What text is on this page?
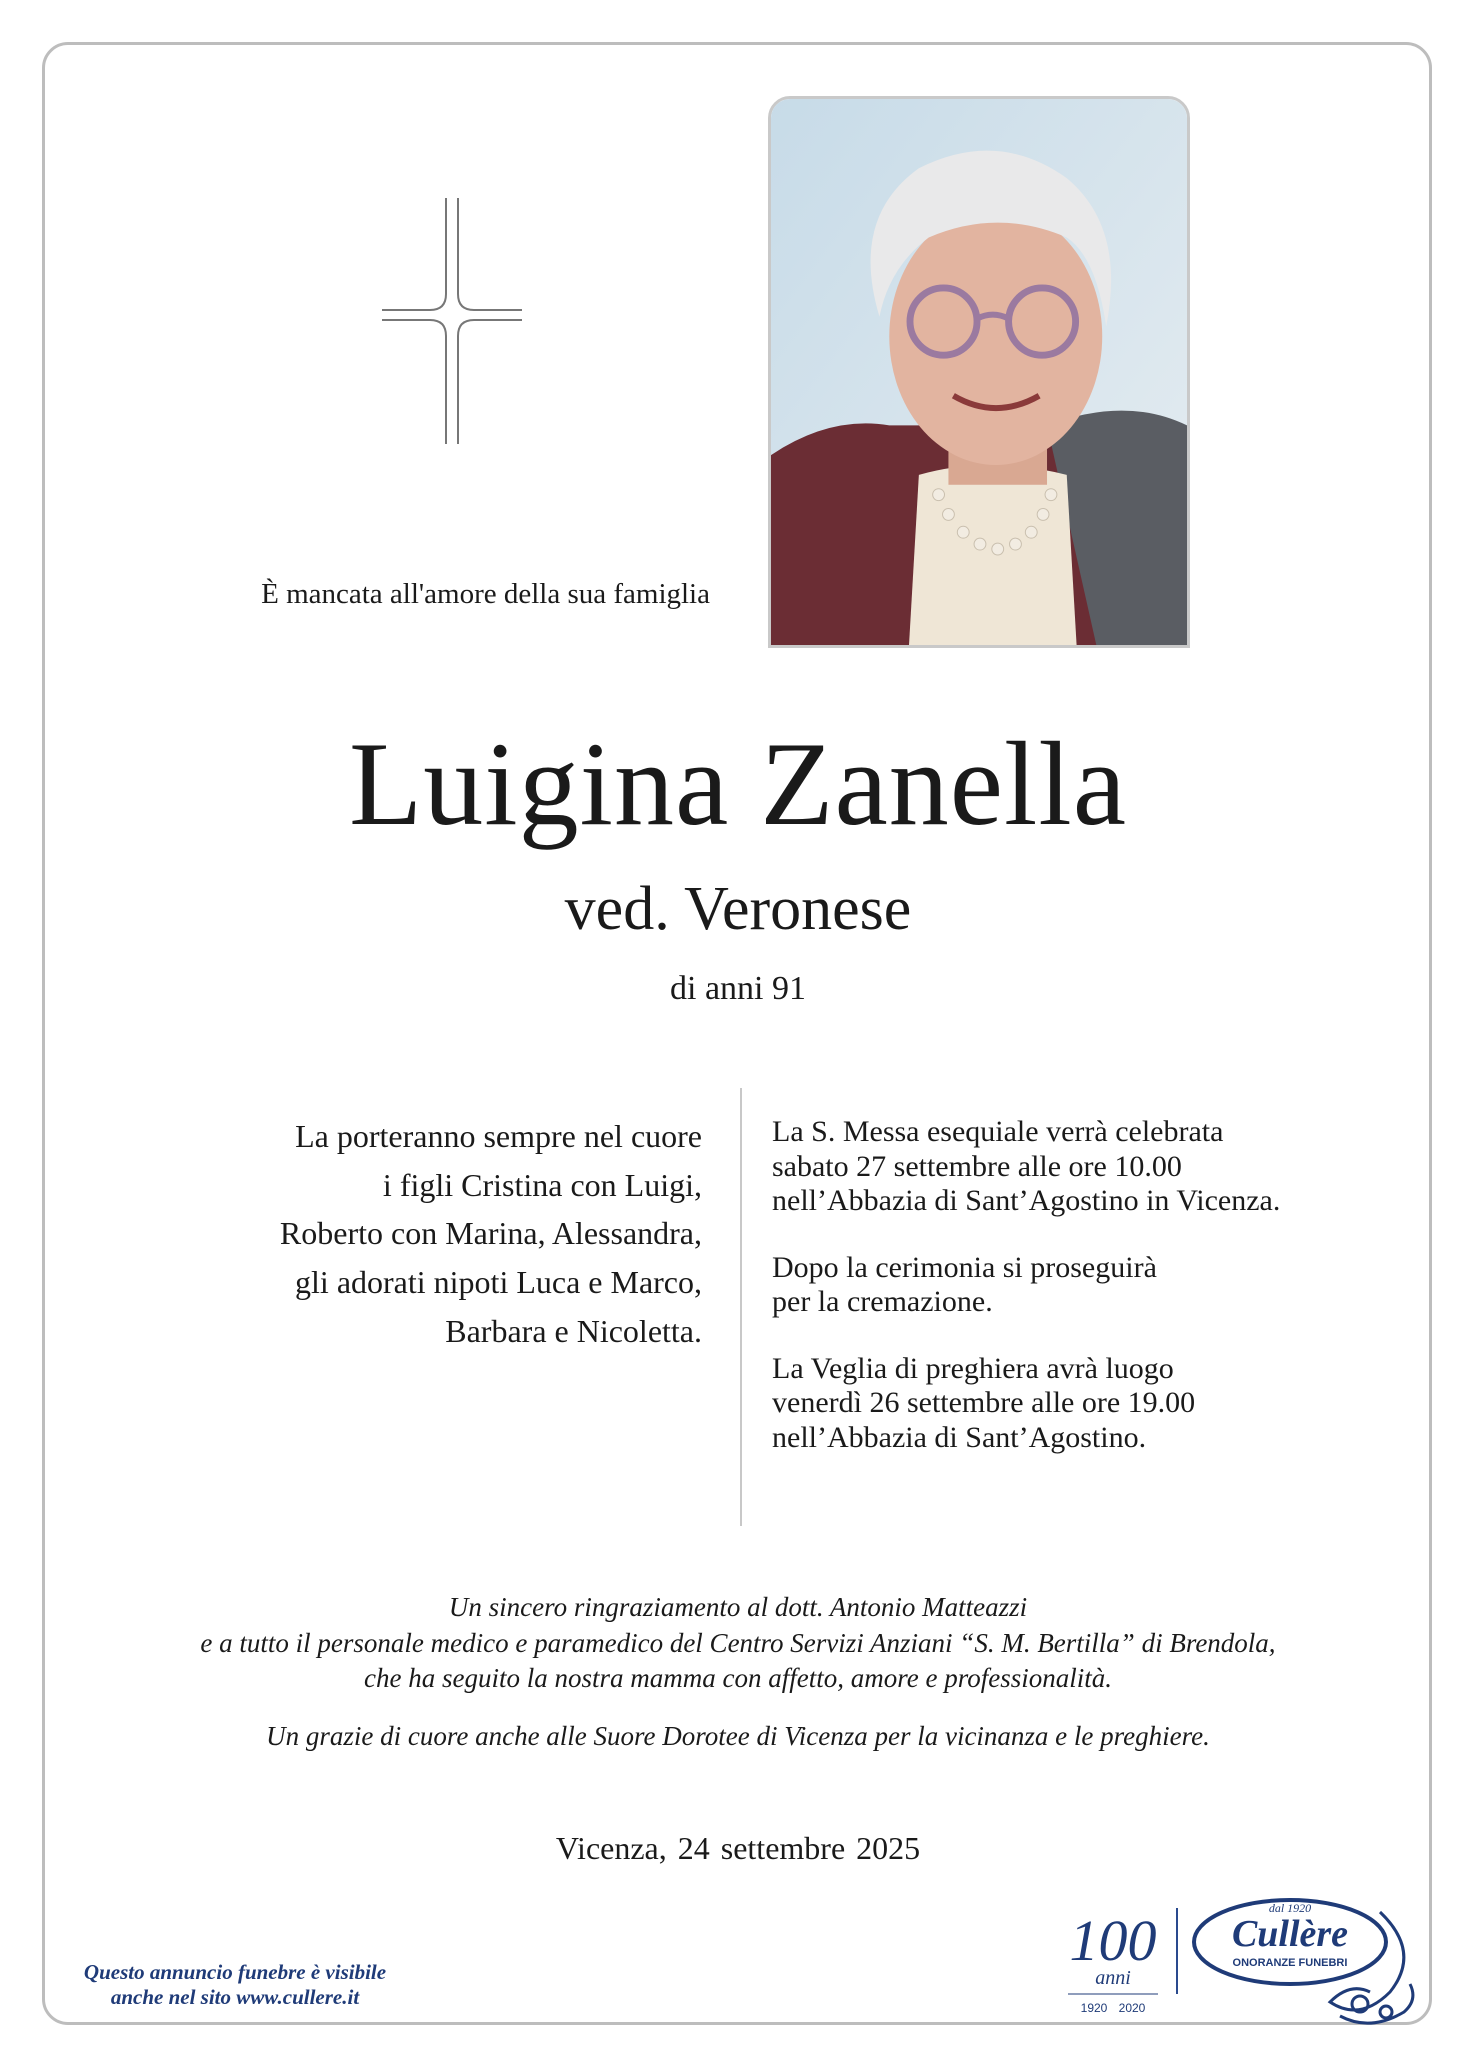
È mancata all'amore della sua famiglia
Luigina Zanella
ved. Veronese
di anni 91
La porteranno sempre nel cuore
i figli Cristina con Luigi,
Roberto con Marina, Alessandra,
gli adorati nipoti Luca e Marco,
Barbara e Nicoletta.

La S. Messa esequiale verrà celebrata
sabato 27 settembre alle ore 10.00
nell’Abbazia di Sant’Agostino in Vicenza.

Dopo la cerimonia si proseguirà
per la cremazione.

La Veglia di preghiera avrà luogo
venerdì 26 settembre alle ore 19.00
nell’Abbazia di Sant’Agostino.

Un sincero ringraziamento al dott. Antonio Matteazzi
e a tutto il personale medico e paramedico del Centro Servizi Anziani “S. M. Bertilla” di Brendola,
che ha seguito la nostra mamma con affetto, amore e professionalità.

Un grazie di cuore anche alle Suore Dorotee di Vicenza per la vicinanza e le preghiere.

Vicenza, 24 settembre 2025
Questo annuncio funebre è visibile
anche nel sito www.cullere.it
100
anni
1920 2020
dal 1920
Cullère
ONORANZE FUNEBRI
